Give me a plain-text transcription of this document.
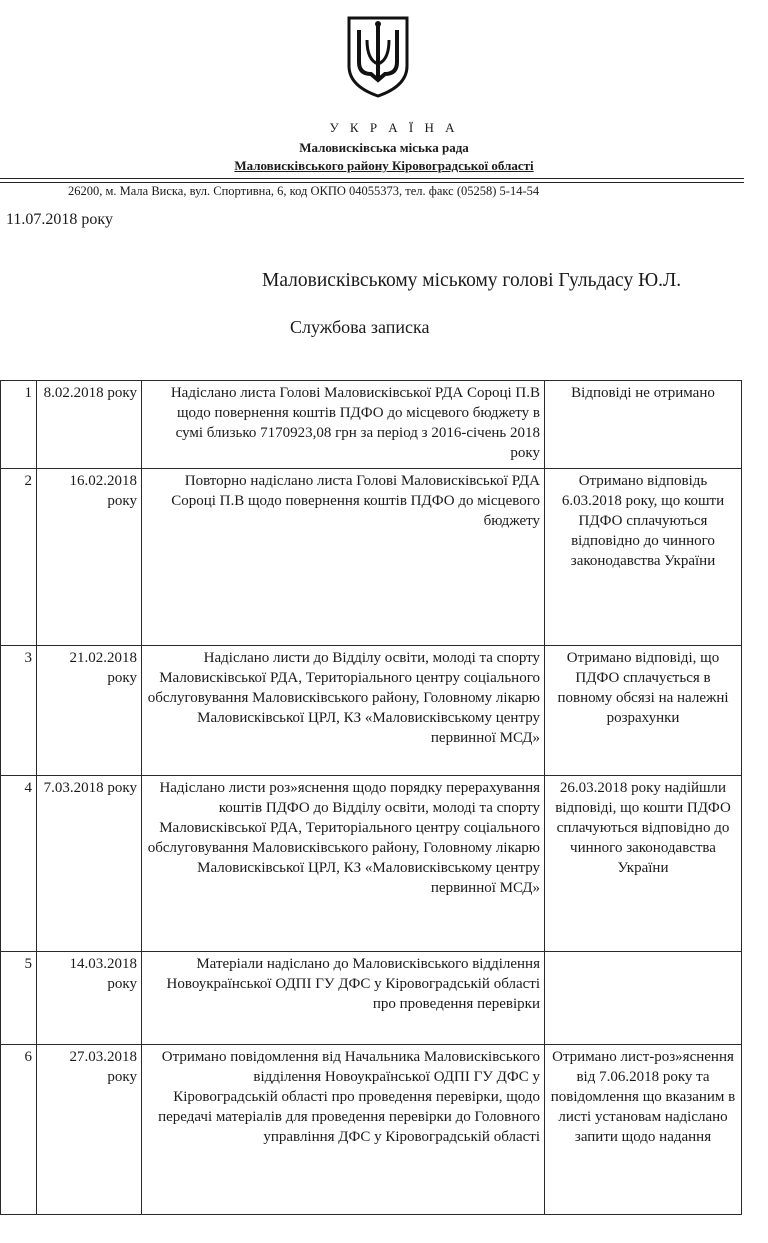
У К Р А Ї Н А
Маловисківська міська рада
Маловисківського району Кіровоградської області
26200, м. Мала Виска, вул. Спортивна, 6, код ОКПО 04055373, тел. факс (05258) 5-14-54
11.07.2018 року
Маловисківському міському голові Гульдасу Ю.Л.
Службова записка
1	8.02.2018 року	Надіслано листа Голові Маловисківської РДА Сороці П.В щодо повернення коштів ПДФО до місцевого бюджету в сумі близько 7170923,08 грн за період з 2016-січень 2018 року	Відповіді не отримано
2	16.02.2018 року	Повторно надіслано листа Голові Маловисківської РДА Сороці П.В щодо повернення коштів ПДФО до місцевого бюджету	Отримано відповідь 6.03.2018 року, що кошти ПДФО сплачуються відповідно до чинного законодавства України
3	21.02.2018 року	Надіслано листи до Відділу освіти, молоді та спорту Маловисківської РДА, Територіального центру соціального обслуговування Маловисківського району, Головному лікарю Маловисківської ЦРЛ, КЗ «Маловисківському центру первинної МСД»	Отримано відповіді, що ПДФО сплачується в повному обсязі на належні розрахунки
4	7.03.2018 року	Надіслано листи роз»яснення щодо порядку перерахування коштів ПДФО до Відділу освіти, молоді та спорту Маловисківської РДА, Територіального центру соціального обслуговування Маловисківського району, Головному лікарю Маловисківської ЦРЛ, КЗ «Маловисківському центру первинної МСД»	26.03.2018 року надійшли відповіді, що кошти ПДФО сплачуються відповідно до чинного законодавства України
5	14.03.2018 року	Матеріали надіслано до Маловисківського відділення Новоукраїнської ОДПІ ГУ ДФС у Кіровоградській області про проведення перевірки	
6	27.03.2018 року	Отримано повідомлення від Начальника Маловисківського відділення Новоукраїнської ОДПІ ГУ ДФС у Кіровоградській області про проведення перевірки, щодо передачі матеріалів для проведення перевірки до Головного управління ДФС у Кіровоградській області	Отримано лист-роз»яснення від 7.06.2018 року та повідомлення що вказаним в листі установам надіслано запити щодо надання
